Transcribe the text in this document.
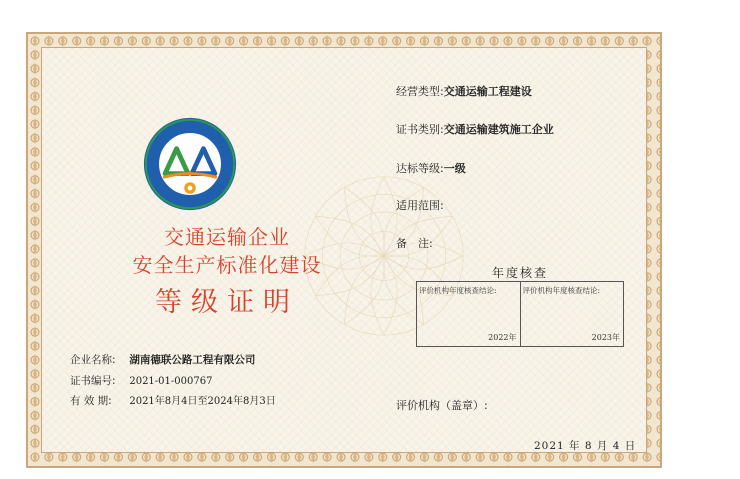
交通运输企业
安全生产标准化建设
等级证明
企业名称: 湖南德联公路工程有限公司
证书编号: 2021-01-000767
有 效 期: 2021年8月4日至2024年8月3日
经营类型:交通运输工程建设
证书类别:交通运输建筑施工企业
达标等级:一级
适用范围:
备　注:
年度核查
评价机构年度核查结论:
2022年
评价机构年度核查结论:
2023年
评价机构（盖章）:
2021 年 8 月 4 日
